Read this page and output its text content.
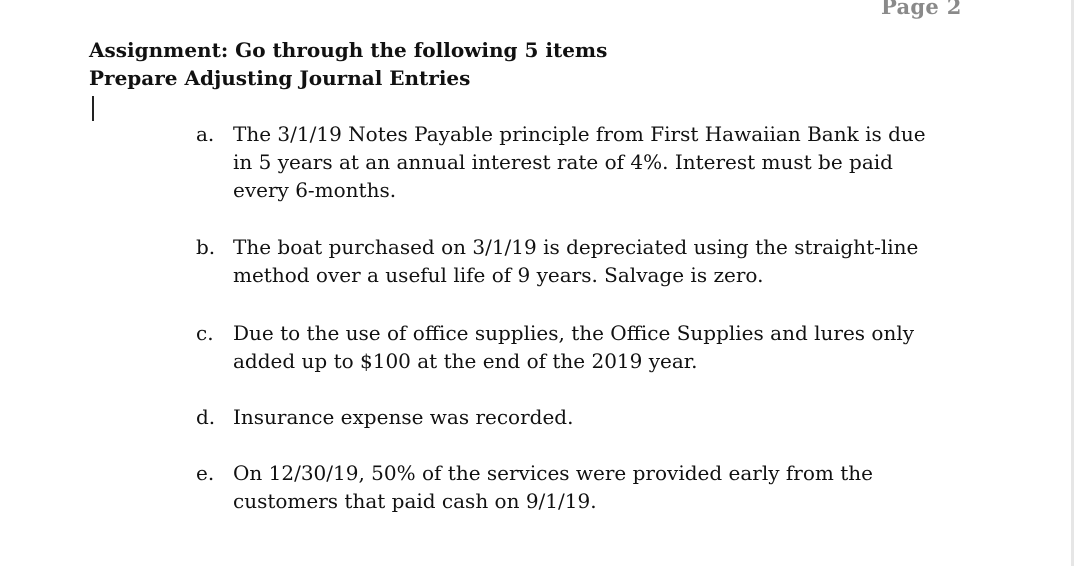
Page 2
Assignment: Go through the following 5 items
Prepare Adjusting Journal Entries
a. The 3/1/19 Notes Payable principle from First Hawaiian Bank is due in 5 years at an annual interest rate of 4%. Interest must be paid every 6-months.
b. The boat purchased on 3/1/19 is depreciated using the straight-line method over a useful life of 9 years. Salvage is zero.
c. Due to the use of office supplies, the Office Supplies and lures only added up to $100 at the end of the 2019 year.
d. Insurance expense was recorded.
e. On 12/30/19, 50% of the services were provided early from the customers that paid cash on 9/1/19.
